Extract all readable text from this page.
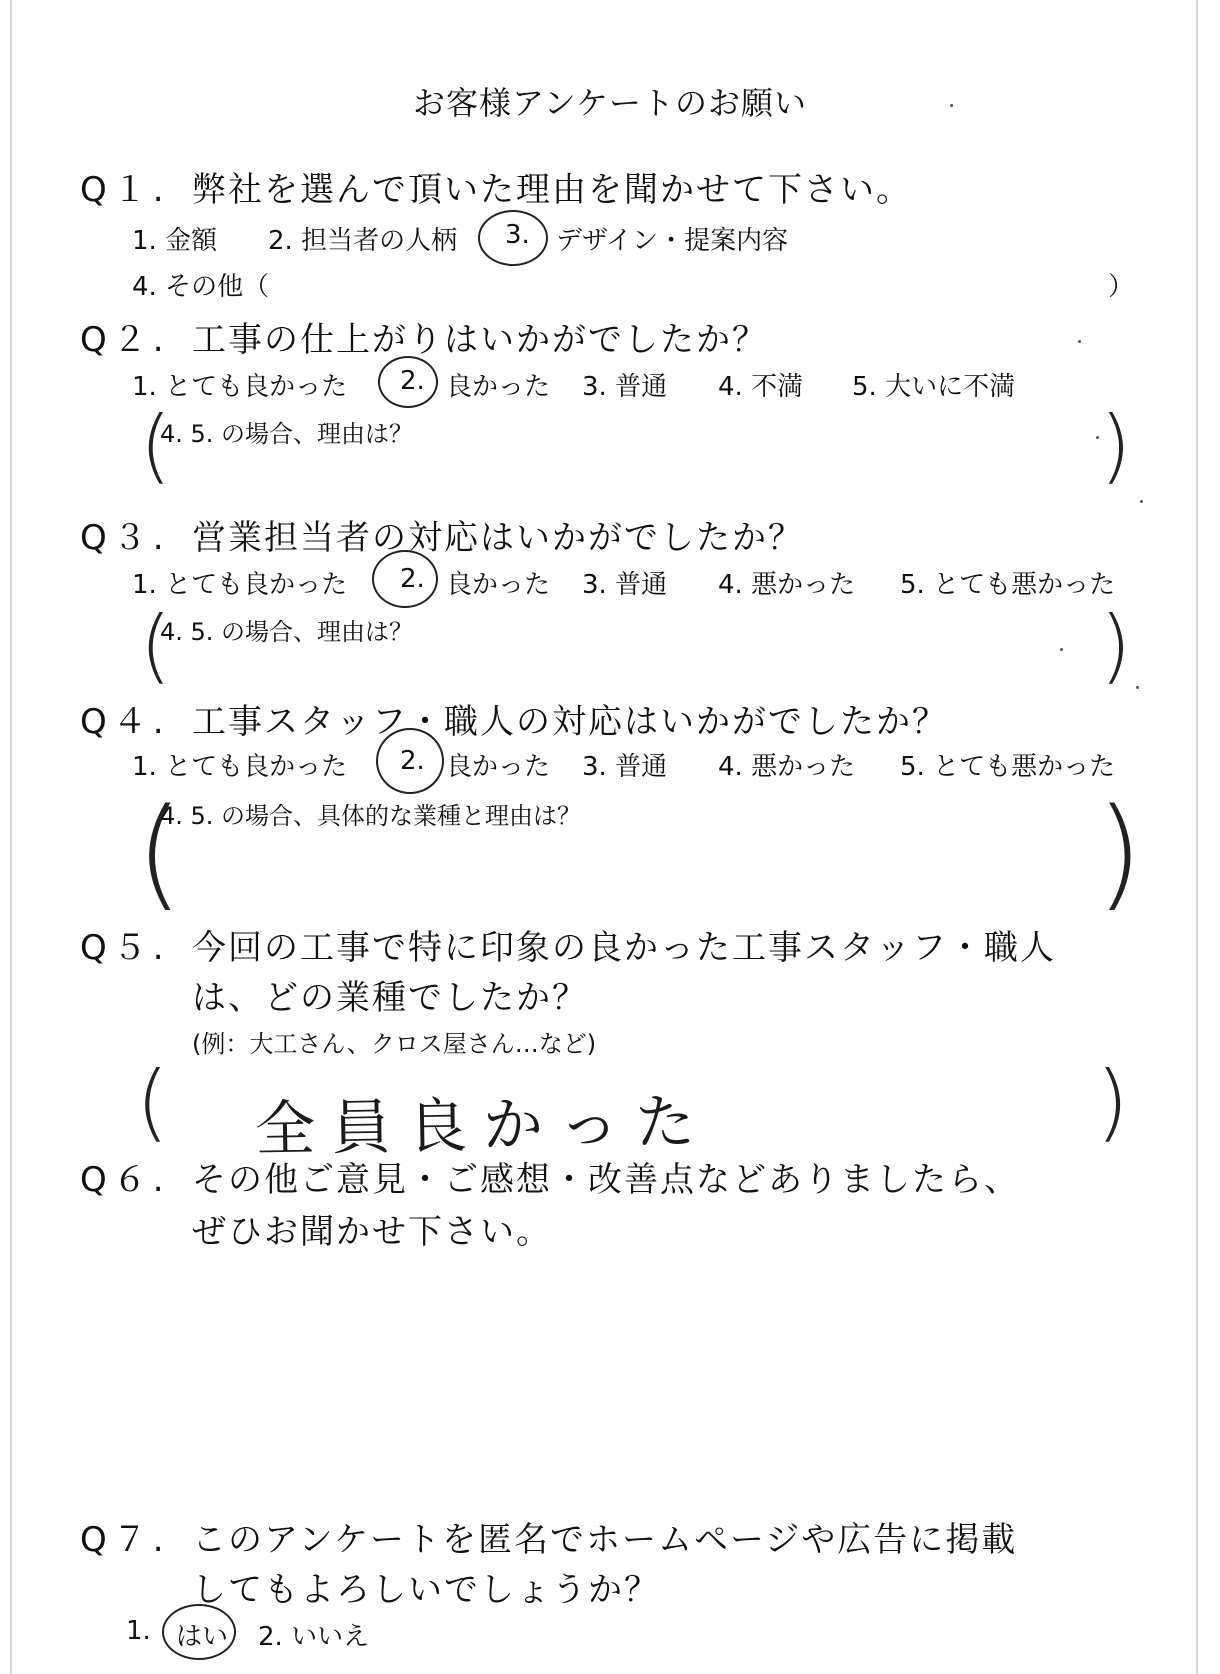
お客様アンケートのお願い
Q１. 弊社を選んで頂いた理由を聞かせて下さい。
1. 金額 2. 担当者の人柄 3. デザイン・提案内容
4. その他（	）
Q２. 工事の仕上がりはいかがでしたか？
1. とても良かった 2. 良かった 3. 普通 4. 不満 5. 大いに不満
(
4. 5. の場合、理由は？	)
Q３. 営業担当者の対応はいかがでしたか？
1. とても良かった 2. 良かった 3. 普通 4. 悪かった 5. とても悪かった
(
4. 5. の場合、理由は？	)
Q４. 工事スタッフ・職人の対応はいかがでしたか？
1. とても良かった 2. 良かった 3. 普通 4. 悪かった 5. とても悪かった
(
4. 5. の場合、具体的な業種と理由は？	)
Q５. 今回の工事で特に印象の良かった工事スタッフ・職人
は、どの業種でしたか？
(例：大工さん、クロス屋さん…など)
( 全員良かった	)
Q６. その他ご意見・ご感想・改善点などありましたら、
ぜひお聞かせ下さい。
Q７. このアンケートを匿名でホームページや広告に掲載
してもよろしいでしょうか？
1. はい 2. いいえ
